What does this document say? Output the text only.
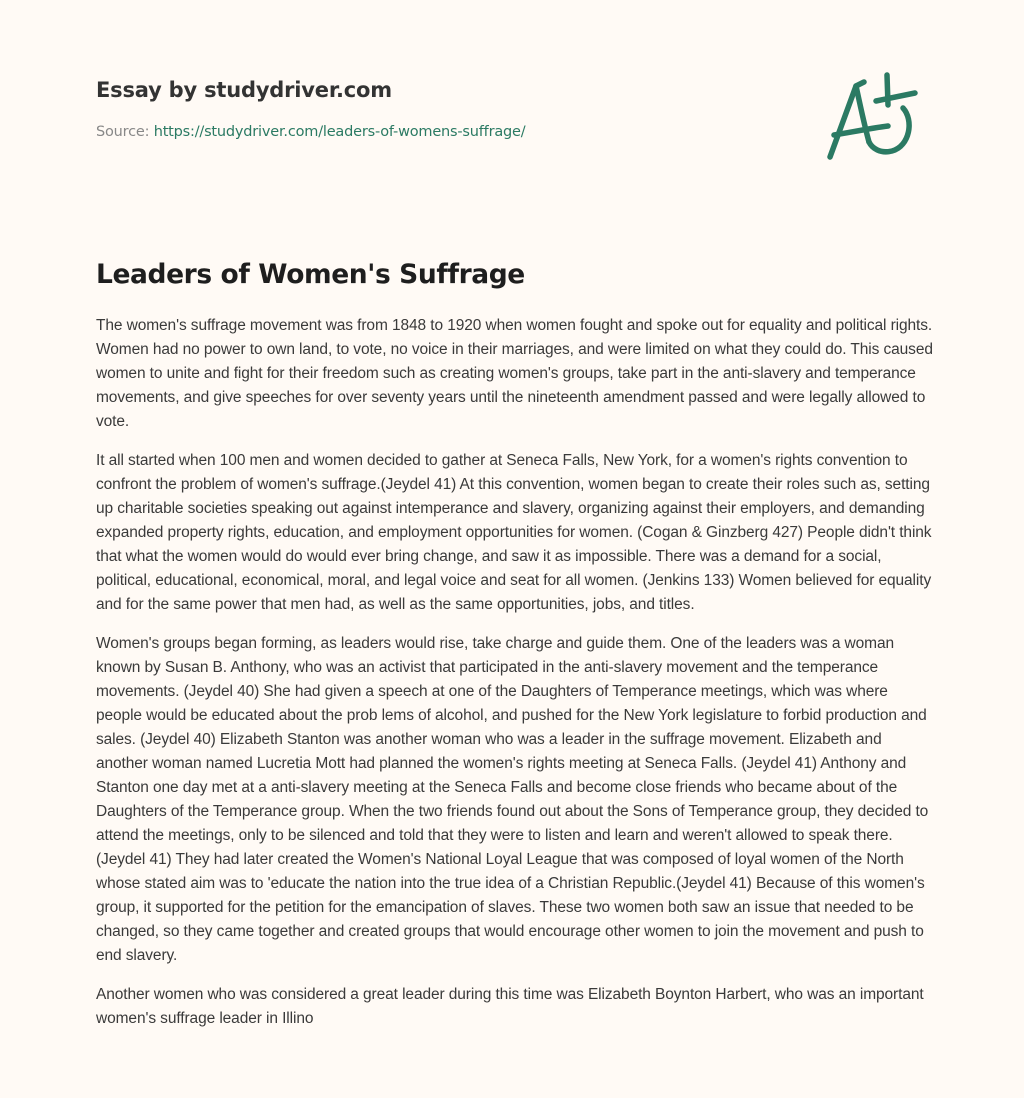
Essay by studydriver.com
Source: https://studydriver.com/leaders-of-womens-suffrage/
Leaders of Women's Suffrage

The women's suffrage movement was from 1848 to 1920 when women fought and spoke out for equality and political rights. Women had no power to own land, to vote, no voice in their marriages, and were limited on what they could do. This caused women to unite and fight for their freedom such as creating women's groups, take part in the anti-slavery and temperance movements, and give speeches for over seventy years until the nineteenth amendment passed and were legally allowed to vote.

It all started when 100 men and women decided to gather at Seneca Falls, New York, for a women's rights convention to confront the problem of women's suffrage.(Jeydel 41) At this convention, women began to create their roles such as, setting up charitable societies speaking out against intemperance and slavery, organizing against their employers, and demanding expanded property rights, education, and employment opportunities for women. (Cogan & Ginzberg 427) People didn't think that what the women would do would ever bring change, and saw it as impossible. There was a demand for a social, political, educational, economical, moral, and legal voice and seat for all women. (Jenkins 133) Women believed for equality and for the same power that men had, as well as the same opportunities, jobs, and titles.

Women's groups began forming, as leaders would rise, take charge and guide them. One of the leaders was a woman known by Susan B. Anthony, who was an activist that participated in the anti-slavery movement and the temperance movements. (Jeydel 40) She had given a speech at one of the Daughters of Temperance meetings, which was where people would be educated about the prob lems of alcohol, and pushed for the New York legislature to forbid production and sales. (Jeydel 40) Elizabeth Stanton was another woman who was a leader in the suffrage movement. Elizabeth and another woman named Lucretia Mott had planned the women's rights meeting at Seneca Falls. (Jeydel 41) Anthony and Stanton one day met at a anti-slavery meeting at the Seneca Falls and become close friends who became about of the Daughters of the Temperance group. When the two friends found out about the Sons of Temperance group, they decided to attend the meetings, only to be silenced and told that they were to listen and learn and weren't allowed to speak there. (Jeydel 41) They had later created the Women's National Loyal League that was composed of loyal women of the North whose stated aim was to 'educate the nation into the true idea of a Christian Republic.(Jeydel 41) Because of this women's group, it supported for the petition for the emancipation of slaves. These two women both saw an issue that needed to be changed, so they came together and created groups that would encourage other women to join the movement and push to end slavery.

Another women who was considered a great leader during this time was Elizabeth Boynton Harbert, who was an important women's suffrage leader in Illino
